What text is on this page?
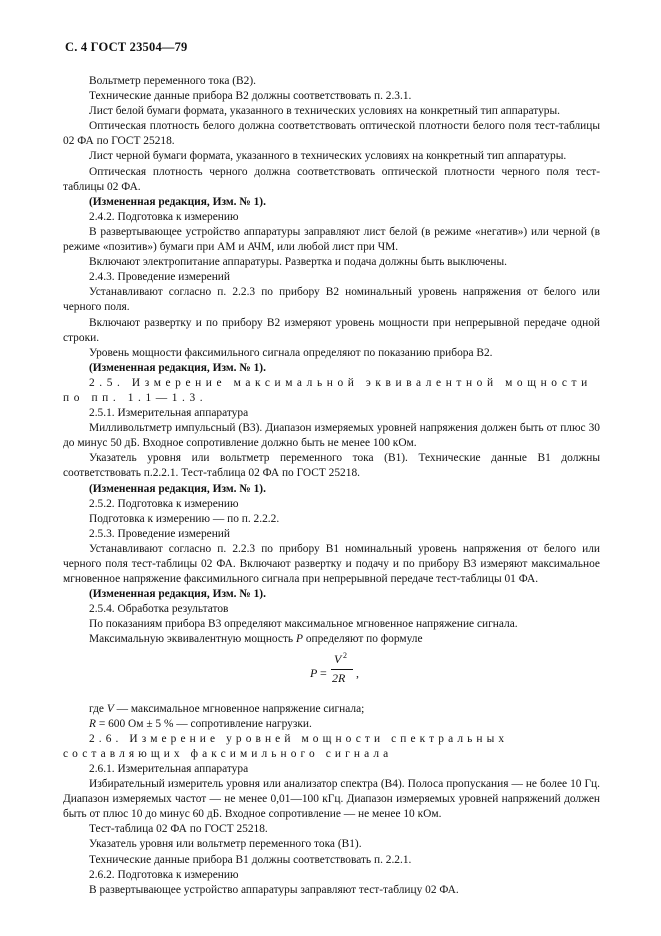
С. 4 ГОСТ 23504—79

Вольтметр переменного тока (В2).

Технические данные прибора В2 должны соответствовать п. 2.3.1.

Лист белой бумаги формата, указанного в технических условиях на конкретный тип аппаратуры.

Оптическая плотность белого должна соответствовать оптической плотности белого поля тест-таблицы 02 ФА по ГОСТ 25218.

Лист черной бумаги формата, указанного в технических условиях на конкретный тип аппаратуры.

Оптическая плотность черного должна соответствовать оптической плотности черного поля тест-таблицы 02 ФА.

(Измененная редакция, Изм. № 1).

2.4.2. Подготовка к измерению

В развертывающее устройство аппаратуры заправляют лист белой (в режиме «негатив») или черной (в режиме «позитив») бумаги при АМ и АЧМ, или любой лист при ЧМ.

Включают электропитание аппаратуры. Развертка и подача должны быть выключены.

2.4.3. Проведение измерений

Устанавливают согласно п. 2.2.3 по прибору В2 номинальный уровень напряжения от белого или черного поля.

Включают развертку и по прибору В2 измеряют уровень мощности при непрерывной передаче одной строки.

Уровень мощности факсимильного сигнала определяют по показанию прибора В2.

(Измененная редакция, Изм. № 1).

2.5. Измерение максимальной эквивалентной мощности по пп. 1.1—1.3.

2.5.1. Измерительная аппаратура

Милливольтметр импульсный (В3). Диапазон измеряемых уровней напряжения должен быть от плюс 30 до минус 50 дБ. Входное сопротивление должно быть не менее 100 кОм.

Указатель уровня или вольтметр переменного тока (В1). Технические данные В1 должны соответствовать п.2.2.1. Тест-таблица 02 ФА по ГОСТ 25218.

(Измененная редакция, Изм. № 1).

2.5.2. Подготовка к измерению

Подготовка к измерению — по п. 2.2.2.

2.5.3. Проведение измерений

Устанавливают согласно п. 2.2.3 по прибору В1 номинальный уровень напряжения от белого или черного поля тест-таблицы 02 ФА. Включают развертку и подачу и по прибору В3 измеряют максимальное мгновенное напряжение факсимильного сигнала при непрерывной передаче тест-таблицы 01 ФА.

(Измененная редакция, Изм. № 1).

2.5.4. Обработка результатов

По показаниям прибора В3 определяют максимальное мгновенное напряжение сигнала.

Максимальную эквивалентную мощность P определяют по формуле

P =
V 2
2R ,

где V — максимальное мгновенное напряжение сигнала;

R = 600 Ом ± 5 % — сопротивление нагрузки.

2.6. Измерение уровней мощности спектральных составляющих факсимильного сигнала

2.6.1. Измерительная аппаратура

Избирательный измеритель уровня или анализатор спектра (В4). Полоса пропускания — не более 10 Гц. Диапазон измеряемых частот — не менее 0,01—100 кГц. Диапазон измеряемых уровней напряжений должен быть от плюс 10 до минус 60 дБ. Входное сопротивление — не менее 10 кОм.

Тест-таблица 02 ФА по ГОСТ 25218.

Указатель уровня или вольтметр переменного тока (В1).

Технические данные прибора В1 должны соответствовать п. 2.2.1.

2.6.2. Подготовка к измерению

В развертывающее устройство аппаратуры заправляют тест-таблицу 02 ФА.
